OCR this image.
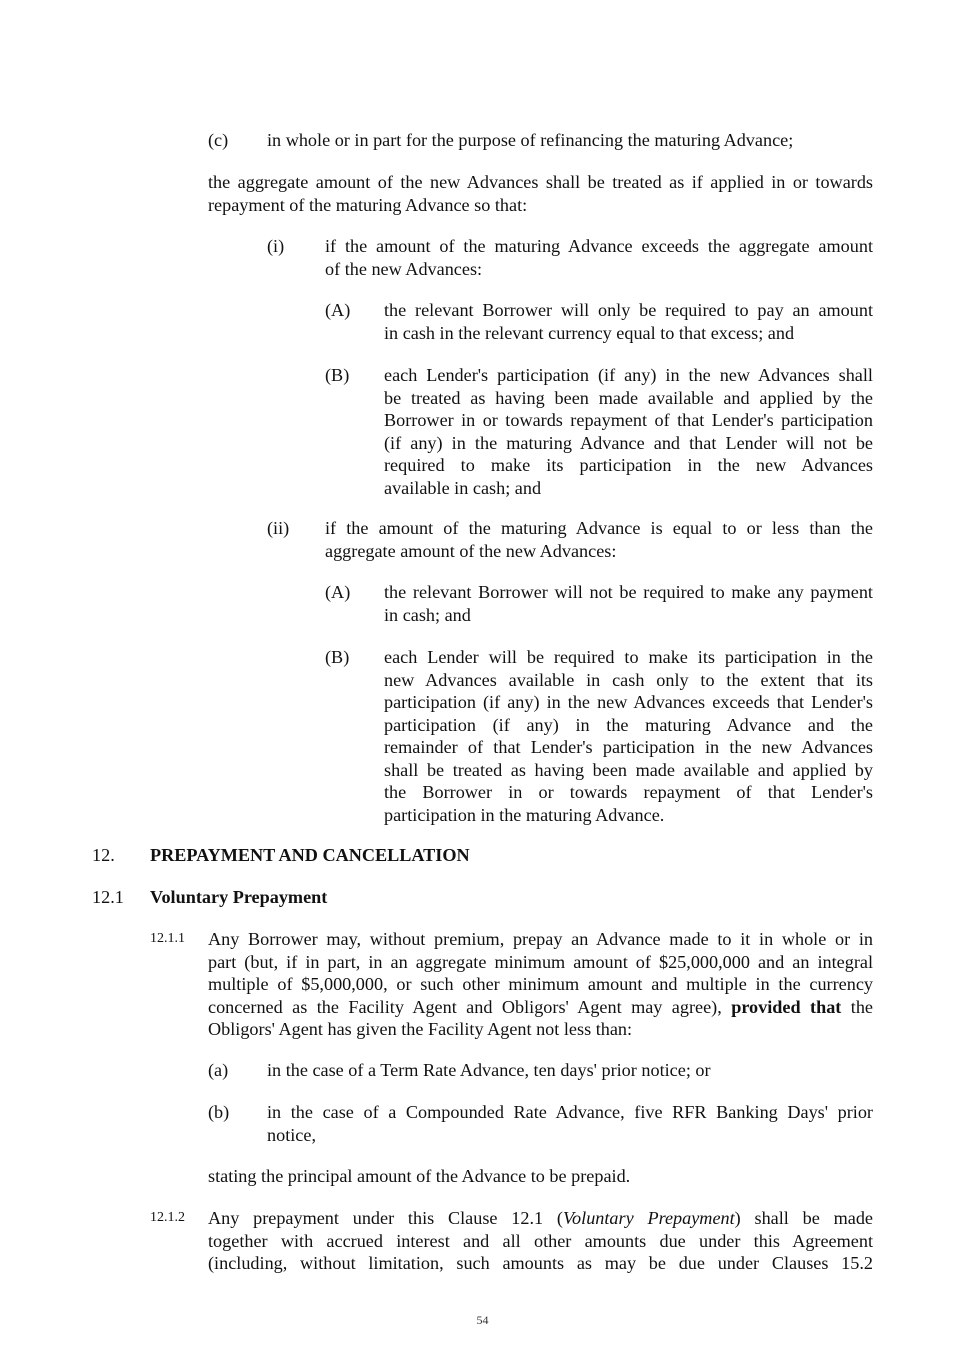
(c) in whole or in part for the purpose of refinancing the maturing Advance;
the aggregate amount of the new Advances shall be treated as if applied in or towards
repayment of the maturing Advance so that:
(i) if the amount of the maturing Advance exceeds the aggregate amount
of the new Advances:
(A) the relevant Borrower will only be required to pay an amount
in cash in the relevant currency equal to that excess; and
(B) each Lender's participation (if any) in the new Advances shall
be treated as having been made available and applied by the
Borrower in or towards repayment of that Lender's participation
(if any) in the maturing Advance and that Lender will not be
required to make its participation in the new Advances
available in cash; and
(ii) if the amount of the maturing Advance is equal to or less than the
aggregate amount of the new Advances:
(A) the relevant Borrower will not be required to make any payment
in cash; and
(B) each Lender will be required to make its participation in the
new Advances available in cash only to the extent that its
participation (if any) in the new Advances exceeds that Lender's
participation (if any) in the maturing Advance and the
remainder of that Lender's participation in the new Advances
shall be treated as having been made available and applied by
the Borrower in or towards repayment of that Lender's
participation in the maturing Advance.
12. PREPAYMENT AND CANCELLATION
12.1 Voluntary Prepayment
12.1.1 Any Borrower may, without premium, prepay an Advance made to it in whole or in
part (but, if in part, in an aggregate minimum amount of $25,000,000 and an integral
multiple of $5,000,000, or such other minimum amount and multiple in the currency
concerned as the Facility Agent and Obligors' Agent may agree), provided that the
Obligors' Agent has given the Facility Agent not less than:
(a) in the case of a Term Rate Advance, ten days' prior notice; or
(b) in the case of a Compounded Rate Advance, five RFR Banking Days' prior
notice,
stating the principal amount of the Advance to be prepaid.
12.1.2 Any prepayment under this Clause 12.1 (Voluntary Prepayment) shall be made
together with accrued interest and all other amounts due under this Agreement
(including, without limitation, such amounts as may be due under Clauses 15.2
54
